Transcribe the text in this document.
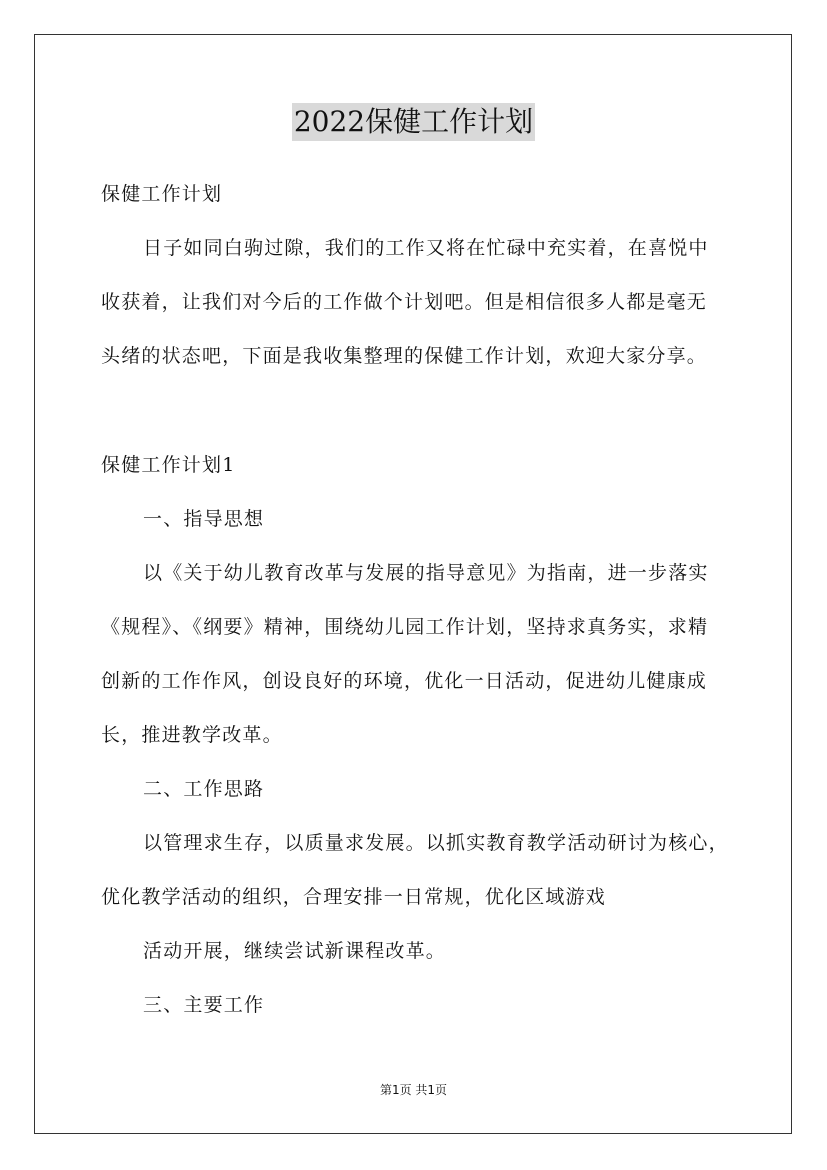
2022保健工作计划
保健工作计划
日子如同白驹过隙，我们的工作又将在忙碌中充实着，在喜悦中
收获着，让我们对今后的工作做个计划吧。但是相信很多人都是毫无
头绪的状态吧，下面是我收集整理的保健工作计划，欢迎大家分享。
保健工作计划1
一、指导思想
以《关于幼儿教育改革与发展的指导意见》为指南，进一步落实
《规程》、《纲要》精神，围绕幼儿园工作计划，坚持求真务实，求精
创新的工作作风，创设良好的环境，优化一日活动，促进幼儿健康成
长，推进教学改革。
二、工作思路
以管理求生存，以质量求发展。以抓实教育教学活动研讨为核心，
优化教学活动的组织，合理安排一日常规，优化区域游戏
活动开展，继续尝试新课程改革。
三、主要工作
第1页 共1页
